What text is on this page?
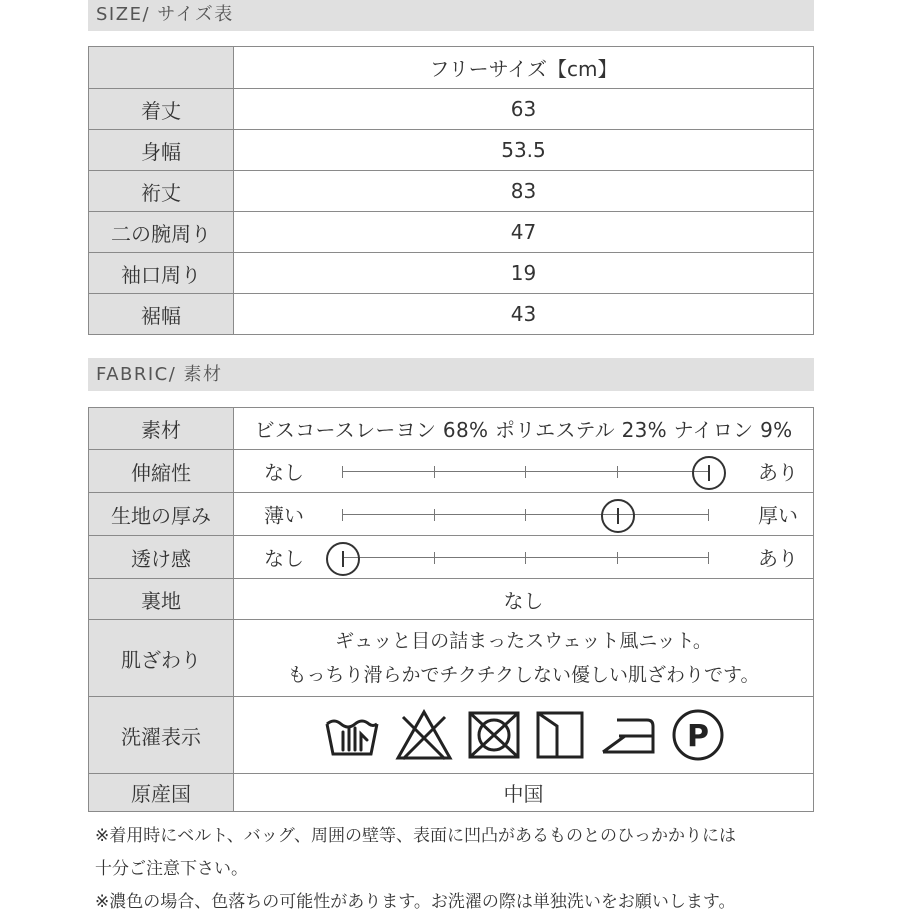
SIZE/ サイズ表
	フリーサイズ【cm】
着丈	63
身幅	53.5
裄丈	83
二の腕周り	47
袖口周り	19
裾幅	43
FABRIC/ 素材
素材	ビスコースレーヨン 68% ポリエステル 23% ナイロン 9%
伸縮性	なし あり

生地の厚み	薄い 厚い

透け感	なし あり

裏地	なし
肌ざわり	ギュッと目の詰まったスウェット風ニット。
もっちり滑らかでチクチクしない優しい肌ざわりです。

洗濯表示	P

原産国	中国
※着用時にベルト、バッグ、周囲の壁等、表面に凹凸があるものとのひっかかりには
十分ご注意下さい。
※濃色の場合、色落ちの可能性があります。お洗濯の際は単独洗いをお願いします。
